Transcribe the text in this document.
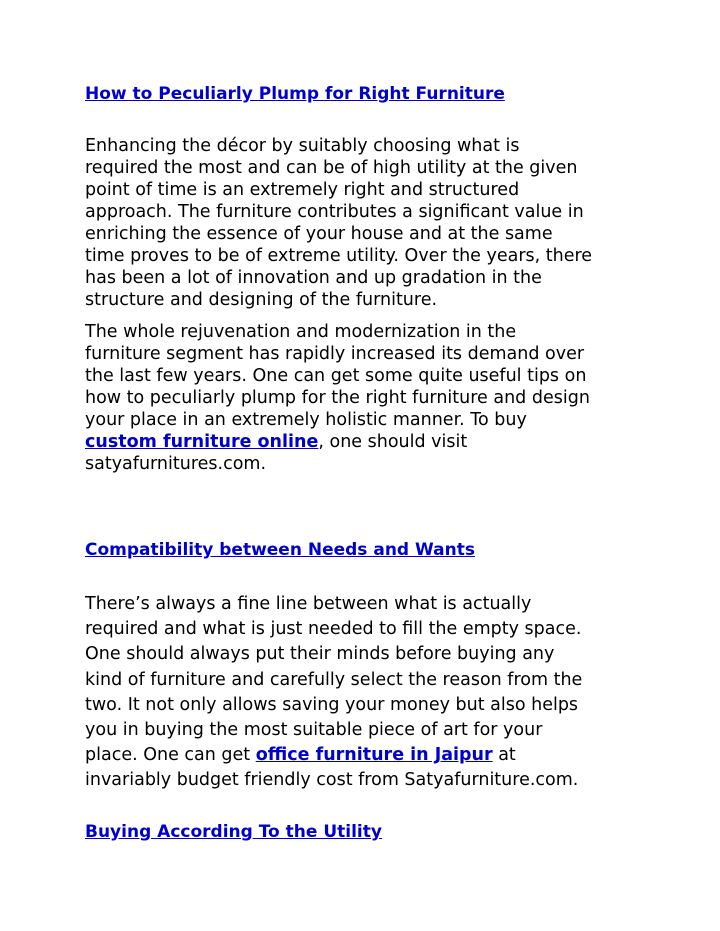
How to Peculiarly Plump for Right Furniture

Enhancing the décor by suitably choosing what is
required the most and can be of high utility at the given
point of time is an extremely right and structured
approach. The furniture contributes a significant value in
enriching the essence of your house and at the same
time proves to be of extreme utility. Over the years, there
has been a lot of innovation and up gradation in the
structure and designing of the furniture.

The whole rejuvenation and modernization in the
furniture segment has rapidly increased its demand over
the last few years. One can get some quite useful tips on
how to peculiarly plump for the right furniture and design
your place in an extremely holistic manner. To buy
custom furniture online, one should visit
satyafurnitures.com.

Compatibility between Needs and Wants

There’s always a fine line between what is actually
required and what is just needed to fill the empty space.
One should always put their minds before buying any
kind of furniture and carefully select the reason from the
two. It not only allows saving your money but also helps
you in buying the most suitable piece of art for your
place. One can get office furniture in Jaipur at
invariably budget friendly cost from Satyafurniture.com.

Buying According To the Utility
